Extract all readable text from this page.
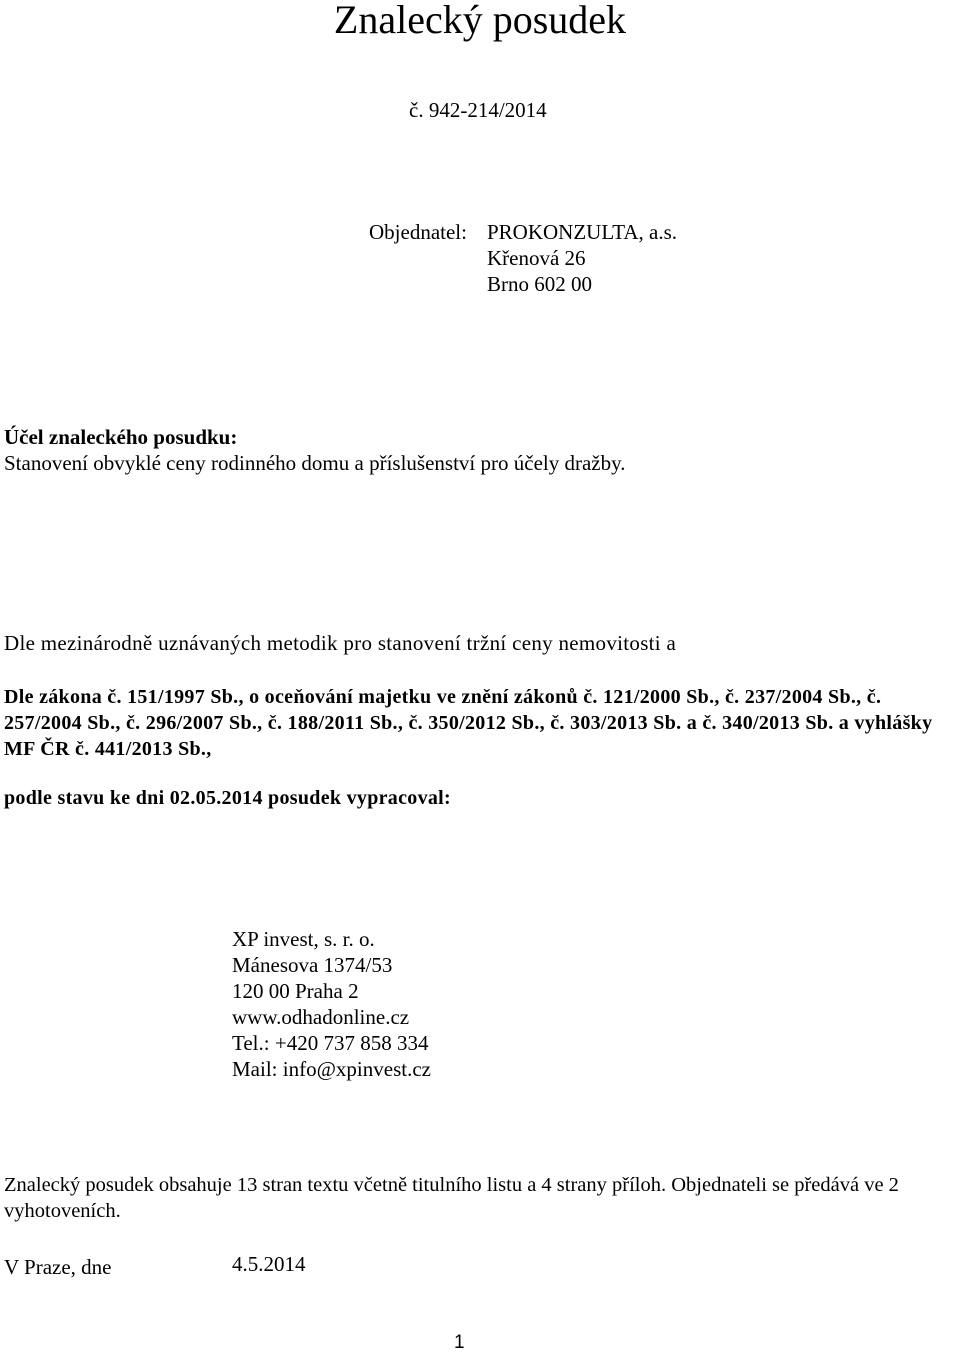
Znalecký posudek
č. 942-214/2014
Objednatel: PROKONZULTA, a.s.
Křenová 26
Brno 602 00
Účel znaleckého posudku:
Stanovení obvyklé ceny rodinného domu a příslušenství pro účely dražby.
Dle mezinárodně uznávaných metodik pro stanovení tržní ceny nemovitosti a
Dle zákona č. 151/1997 Sb., o oceňování majetku ve znění zákonů č. 121/2000 Sb., č. 237/2004 Sb., č. 257/2004 Sb., č. 296/2007 Sb., č. 188/2011 Sb., č. 350/2012 Sb., č. 303/2013 Sb. a č. 340/2013 Sb. a vyhlášky MF ČR č. 441/2013 Sb.,
podle stavu ke dni 02.05.2014 posudek vypracoval:
XP invest, s. r. o.
Mánesova 1374/53
120 00 Praha 2
www.odhadonline.cz
Tel.: +420 737 858 334
Mail: info@xpinvest.cz
Znalecký posudek obsahuje 13 stran textu včetně titulního listu a 4 strany příloh. Objednateli se předává ve 2 vyhotoveních.
V Praze, dne	4.5.2014
1
